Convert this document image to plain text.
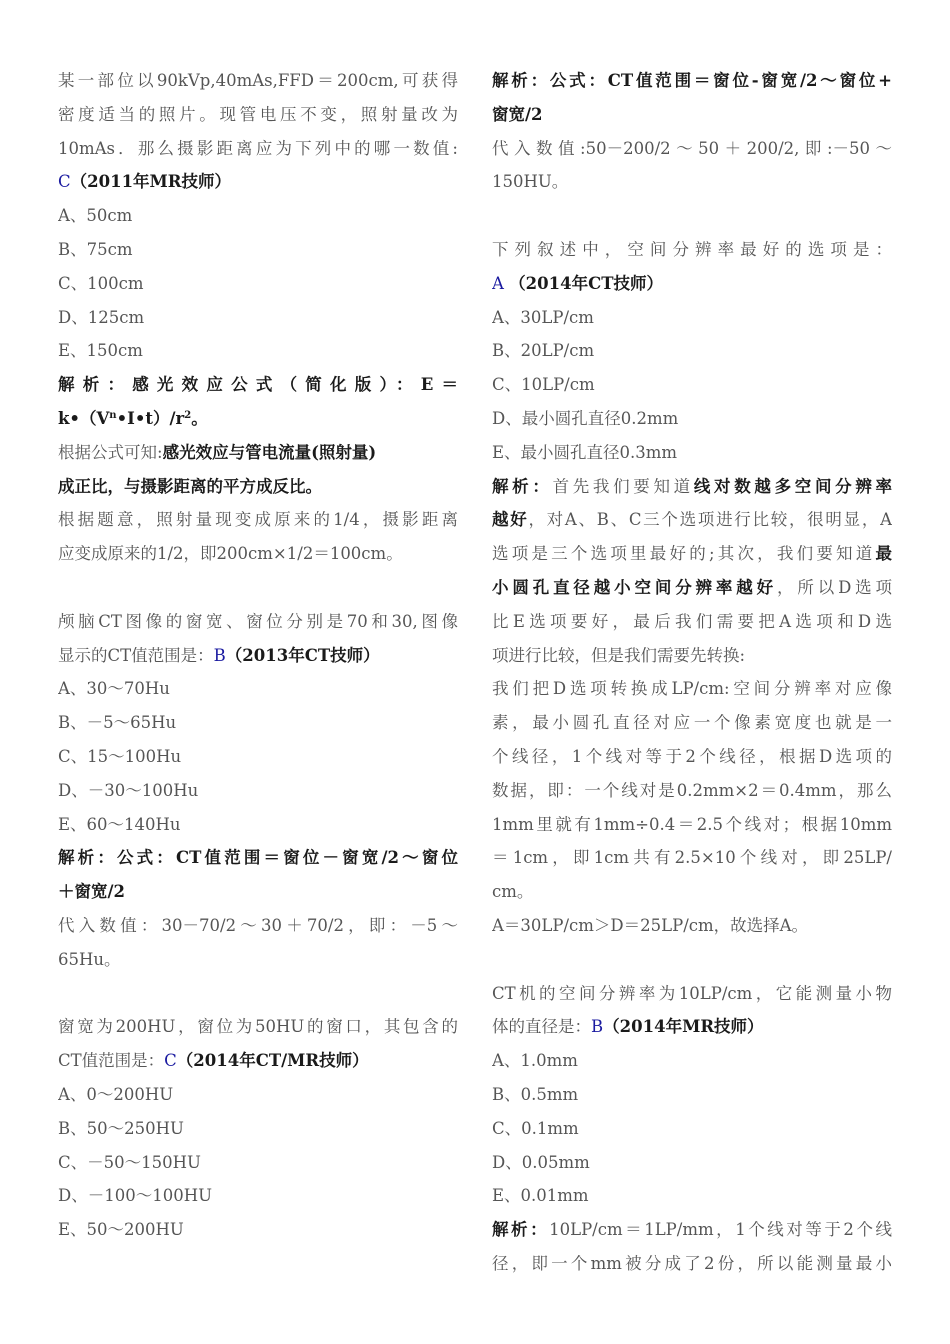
某一部位以90kVp,40mAs,FFD＝200cm,可获得
密度适当的照片。现管电压不变，照射量改为
10mAs．那么摄影距离应为下列中的哪一数值:
C（2011年MR技师）
A、50cm
B、75cm
C、100cm
D、125cm
E、150cm
解析：感光效应公式（简化版）：E＝
$k•(V^n•I•t)/r^2$。
根据公式可知:感光效应与管电流量(照射量)
成正比，与摄影距离的平方成反比。
根据题意，照射量现变成原来的1/4，摄影距离
应变成原来的1/2，即200cm×1/2＝100cm。
颅脑CT图像的窗宽、窗位分别是70和30,图像
显示的CT值范围是：B（2013年CT技师）
A、30～70Hu
B、－5～65Hu
C、15～100Hu
D、－30～100Hu
E、60～140Hu
解析：公式：CT值范围＝窗位－窗宽/2～窗位
＋窗宽/2
代入数值：30－70/2～30＋70/2，即：－5～
65Hu。
窗宽为200HU，窗位为50HU的窗口，其包含的
CT值范围是：C（2014年CT/MR技师）
A、0～200HU
B、50～250HU
C、－50～150HU
D、－100～100HU
E、50～200HU
解析：公式：CT值范围＝窗位-窗宽/2～窗位+
窗宽/2
代入数值:50－200/2～50＋200/2,即:－50～
150HU。
下列叙述中，空间分辨率最好的选项是：
A （2014年CT技师）
A、30LP/cm
B、20LP/cm
C、10LP/cm
D、最小圆孔直径0.2mm
E、最小圆孔直径0.3mm
解析：首先我们要知道线对数越多空间分辨率
越好，对A、B、C三个选项进行比较，很明显，A
选项是三个选项里最好的;其次，我们要知道最
小圆孔直径越小空间分辨率越好，所以D选项
比E选项要好，最后我们需要把A选项和D选
项进行比较，但是我们需要先转换:
我们把D选项转换成LP/cm:空间分辨率对应像
素，最小圆孔直径对应一个像素宽度也就是一
个线径，1个线对等于2个线径，根据D选项的
数据，即：一个线对是0.2mm×2＝0.4mm，那么
1mm里就有1mm÷0.4＝2.5个线对；根据10mm
＝1cm，即1cm共有2.5×10个线对，即25LP/
cm。
A＝30LP/cm＞D＝25LP/cm，故选择A。
CT机的空间分辨率为10LP/cm，它能测量小物
体的直径是：B（2014年MR技师）
A、1.0mm
B、0.5mm
C、0.1mm
D、0.05mm
E、0.01mm
解析：10LP/cm＝1LP/mm，1个线对等于2个线
径，即一个mm被分成了2份，所以能测量最小
